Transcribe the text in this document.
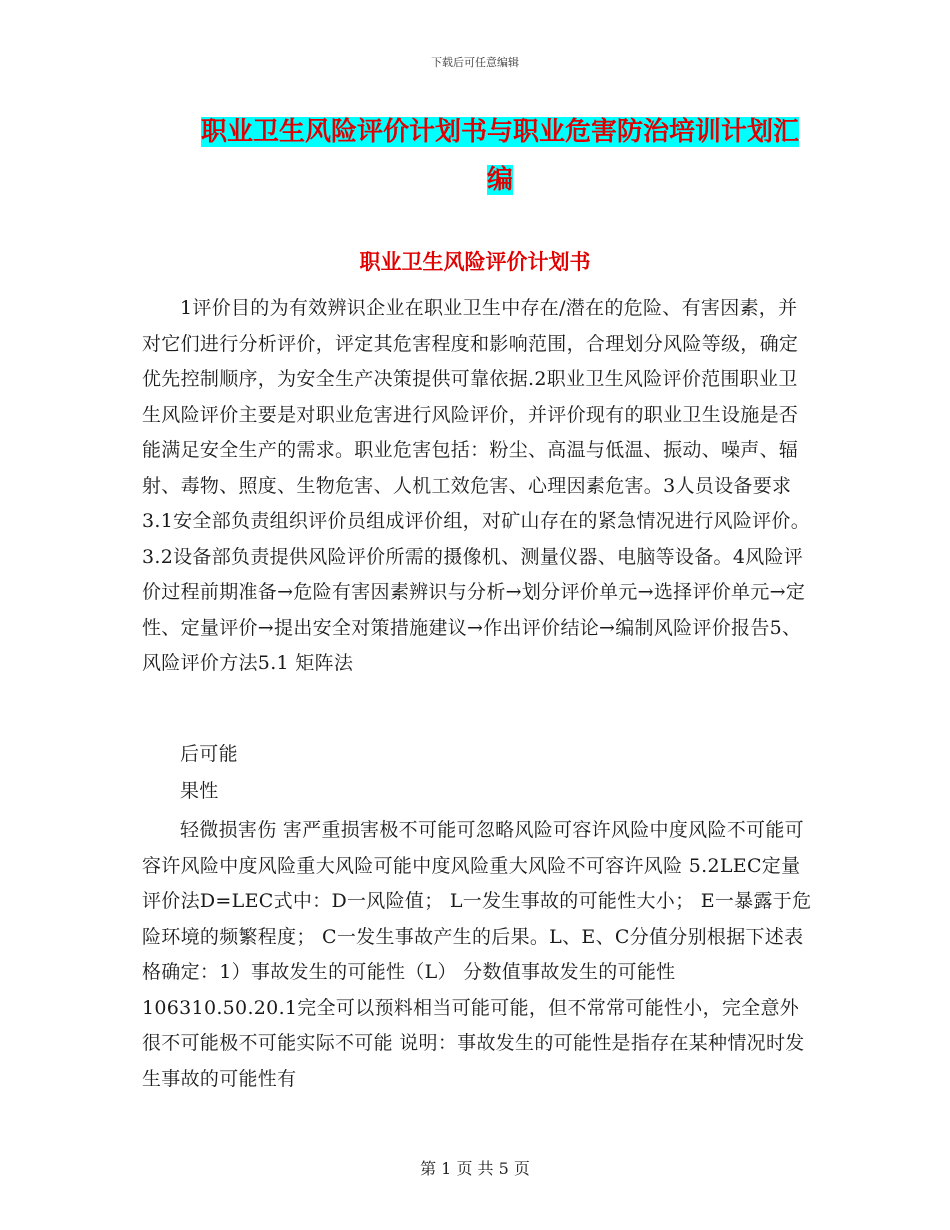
下载后可任意编辑
职业卫生风险评价计划书与职业危害防治培训计划汇编
职业卫生风险评价计划书

1评价目的为有效辨识企业在职业卫生中存在/潜在的危险、有害因素，并对它们进行分析评价，评定其危害程度和影响范围，合理划分风险等级，确定优先控制顺序，为安全生产决策提供可靠依据.2职业卫生风险评价范围职业卫生风险评价主要是对职业危害进行风险评价，并评价现有的职业卫生设施是否能满足安全生产的需求。职业危害包括：粉尘、高温与低温、振动、噪声、辐射、毒物、照度、生物危害、人机工效危害、心理因素危害。3人员设备要求3.1安全部负责组织评价员组成评价组，对矿山存在的紧急情况进行风险评价。3.2设备部负责提供风险评价所需的摄像机、测量仪器、电脑等设备。4风险评价过程前期准备→危险有害因素辨识与分析→划分评价单元→选择评价单元→定性、定量评价→提出安全对策措施建议→作出评价结论→编制风险评价报告5、风险评价方法5.1 矩阵法

后可能

果性

轻微损害伤 害严重损害极不可能可忽略风险可容许风险中度风险不可能可容许风险中度风险重大风险可能中度风险重大风险不可容许风险 5.2LEC定量评价法D=LEC式中：D一风险值； L一发生事故的可能性大小； E一暴露于危险环境的频繁程度； C一发生事故产生的后果。L、E、C分值分别根据下述表格确定：1）事故发生的可能性（L） 分数值事故发生的可能性106310.50.20.1完全可以预料相当可能可能，但不常常可能性小，完全意外很不可能极不可能实际不可能 说明：事故发生的可能性是指存在某种情况时发生事故的可能性有

第 1 页 共 5 页
